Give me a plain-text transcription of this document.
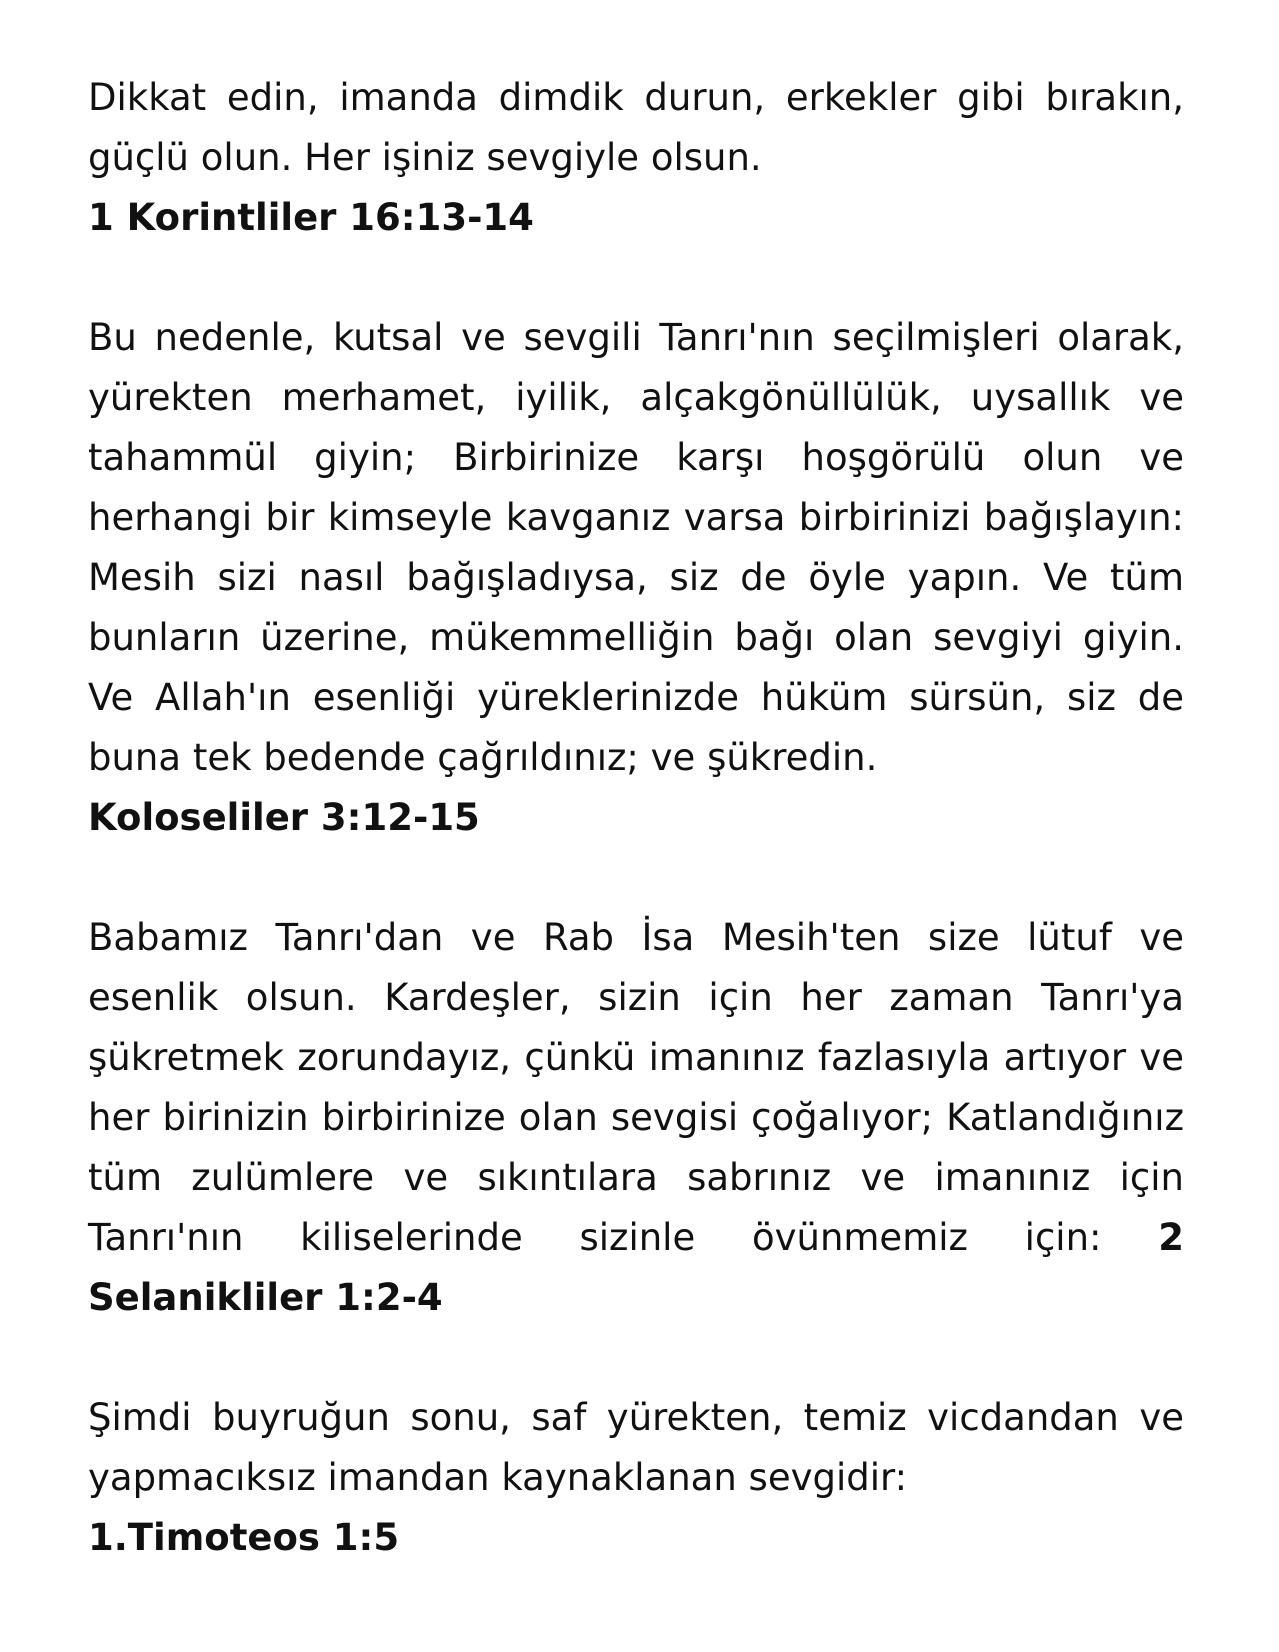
Dikkat edin, imanda dimdik durun, erkekler gibi bırakın, güçlü olun. Her işiniz sevgiyle olsun.
1 Korintliler 16:13-14

Bu nedenle, kutsal ve sevgili Tanrı'nın seçilmişleri olarak, yürekten merhamet, iyilik, alçakgönüllülük, uysallık ve tahammül giyin; Birbirinize karşı hoşgörülü olun ve herhangi bir kimseyle kavganız varsa birbirinizi bağışlayın: Mesih sizi nasıl bağışladıysa, siz de öyle yapın. Ve tüm bunların üzerine, mükemmelliğin bağı olan sevgiyi giyin. Ve Allah'ın esenliği yüreklerinizde hüküm sürsün, siz de buna tek bedende çağrıldınız; ve şükredin.
Koloseliler 3:12-15

Babamız Tanrı'dan ve Rab İsa Mesih'ten size lütuf ve esenlik olsun. Kardeşler, sizin için her zaman Tanrı'ya şükretmek zorundayız, çünkü imanınız fazlasıyla artıyor ve her birinizin birbirinize olan sevgisi çoğalıyor; Katlandığınız tüm zulümlere ve sıkıntılara sabrınız ve imanınız için Tanrı'nın kiliselerinde sizinle övünmemiz için: 2 Selanikliler 1:2-4

Şimdi buyruğun sonu, saf yürekten, temiz vicdandan ve yapmacıksız imandan kaynaklanan sevgidir:
1.Timoteos 1:5
